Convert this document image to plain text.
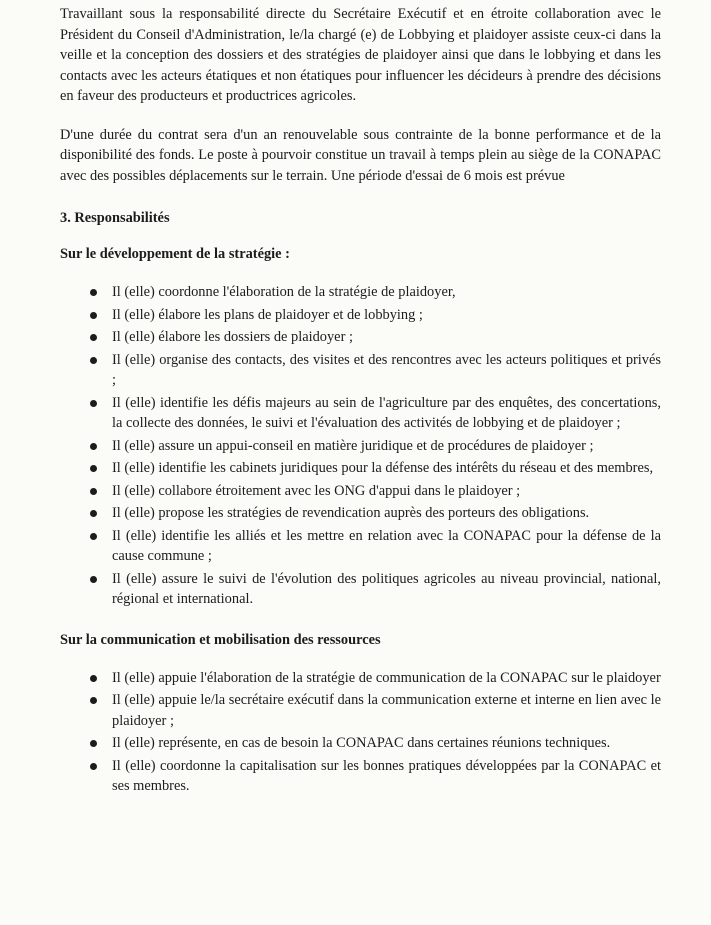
Travaillant sous la responsabilité directe du Secrétaire Exécutif et en étroite collaboration avec le Président du Conseil d'Administration, le/la chargé (e) de Lobbying et plaidoyer assiste ceux-ci dans la veille et la conception des dossiers et des stratégies de plaidoyer ainsi que dans le lobbying et dans les contacts avec les acteurs étatiques et non étatiques pour influencer les décideurs à prendre des décisions en faveur des producteurs et productrices agricoles.

D'une durée du contrat sera d'un an renouvelable sous contrainte de la bonne performance et de la disponibilité des fonds. Le poste à pourvoir constitue un travail à temps plein au siège de la CONAPAC avec des possibles déplacements sur le terrain. Une période d'essai de 6 mois est prévue

3. Responsabilités
Sur le développement de la stratégie :
Il (elle) coordonne l'élaboration de la stratégie de plaidoyer,
Il (elle) élabore les plans de plaidoyer et de lobbying ;
Il (elle) élabore les dossiers de plaidoyer ;
Il (elle) organise des contacts, des visites et des rencontres avec les acteurs politiques et privés ;
Il (elle) identifie les défis majeurs au sein de l'agriculture par des enquêtes, des concertations, la collecte des données, le suivi et l'évaluation des activités de lobbying et de plaidoyer ;
Il (elle) assure un appui-conseil en matière juridique et de procédures de plaidoyer ;
Il (elle) identifie les cabinets juridiques pour la défense des intérêts du réseau et des membres,
Il (elle) collabore étroitement avec les ONG d'appui dans le plaidoyer ;
Il (elle) propose les stratégies de revendication auprès des porteurs des obligations.
Il (elle) identifie les alliés et les mettre en relation avec la CONAPAC pour la défense de la cause commune ;
Il (elle) assure le suivi de l'évolution des politiques agricoles au niveau provincial, national, régional et international.
Sur la communication et mobilisation des ressources
Il (elle) appuie l'élaboration de la stratégie de communication de la CONAPAC sur le plaidoyer
Il (elle) appuie le/la secrétaire exécutif dans la communication externe et interne en lien avec le plaidoyer ;
Il (elle) représente, en cas de besoin la CONAPAC dans certaines réunions techniques.
Il (elle) coordonne la capitalisation sur les bonnes pratiques développées par la CONAPAC et ses membres.
